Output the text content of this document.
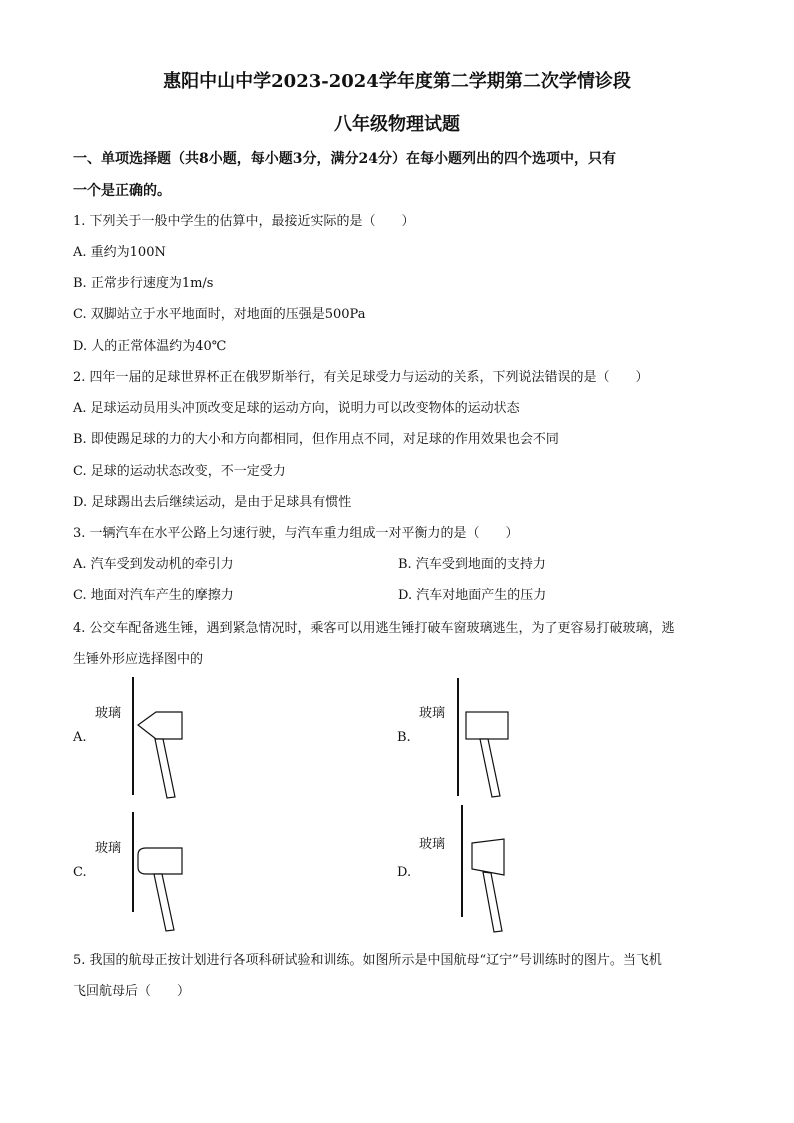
惠阳中山中学2023-2024学年度第二学期第二次学情诊段
八年级物理试题
一、单项选择题（共8小题，每小题3分，满分24分）在每小题列出的四个选项中，只有
一个是正确的。
1. 下列关于一般中学生的估算中，最接近实际的是（　　）
A. 重约为100N
B. 正常步行速度为1m/s
C. 双脚站立于水平地面时，对地面的压强是500Pa
D. 人的正常体温约为40℃
2. 四年一届的足球世界杯正在俄罗斯举行，有关足球受力与运动的关系，下列说法错误的是（　　）
A. 足球运动员用头冲顶改变足球的运动方向，说明力可以改变物体的运动状态
B. 即使踢足球的力的大小和方向都相同，但作用点不同，对足球的作用效果也会不同
C. 足球的运动状态改变，不一定受力
D. 足球踢出去后继续运动，是由于足球具有惯性
3. 一辆汽车在水平公路上匀速行驶，与汽车重力组成一对平衡力的是（　　）
A. 汽车受到发动机的牵引力	B. 汽车受到地面的支持力
C. 地面对汽车产生的摩擦力	D. 汽车对地面产生的压力
4. 公交车配备逃生锤，遇到紧急情况时，乘客可以用逃生锤打破车窗玻璃逃生，为了更容易打破玻璃，逃
生锤外形应选择图中的
玻璃
A.
玻璃
B.
玻璃
C.
玻璃
D.
5. 我国的航母正按计划进行各项科研试验和训练。如图所示是中国航母“辽宁”号训练时的图片。当飞机
飞回航母后（　　）
